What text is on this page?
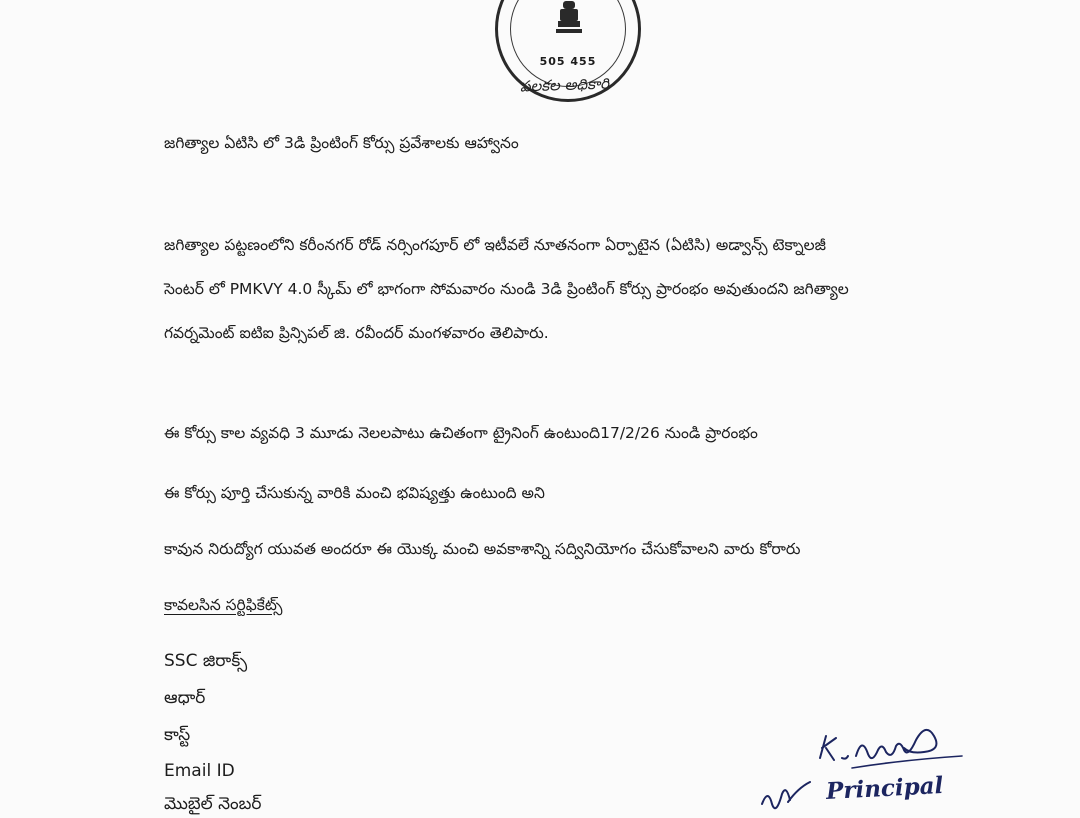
505 455
పలకల అధికారి
జగిత్యాల ఏటిసి లో 3డి ప్రింటింగ్ కోర్సు ప్రవేశాలకు ఆహ్వానం
జగిత్యాల పట్టణంలోని కరీంనగర్ రోడ్ నర్సింగపూర్ లో ఇటీవలే నూతనంగా ఏర్పాటైన (ఏటిసి) అడ్వాన్స్ టెక్నాలజీ
సెంటర్ లో PMKVY 4.0 స్కీమ్ లో భాగంగా సోమవారం నుండి 3డి ప్రింటింగ్ కోర్సు ప్రారంభం అవుతుందని జగిత్యాల
గవర్నమెంట్ ఐటిఐ ప్రిన్సిపల్ జి. రవీందర్ మంగళవారం తెలిపారు.
ఈ కోర్సు కాల వ్యవధి 3 మూడు నెలలపాటు ఉచితంగా ట్రైనింగ్ ఉంటుంది17/2/26 నుండి ప్రారంభం
ఈ కోర్సు పూర్తి చేసుకున్న వారికి మంచి భవిష్యత్తు ఉంటుంది అని
కావున నిరుద్యోగ యువత అందరూ ఈ యొక్క మంచి అవకాశాన్ని సద్వినియోగం చేసుకోవాలని వారు కోరారు
కావలసిన సర్టిఫికేట్స్
SSC జిరాక్స్
ఆధార్
కాస్ట్
Email ID
మొబైల్ నెంబర్	Principal
